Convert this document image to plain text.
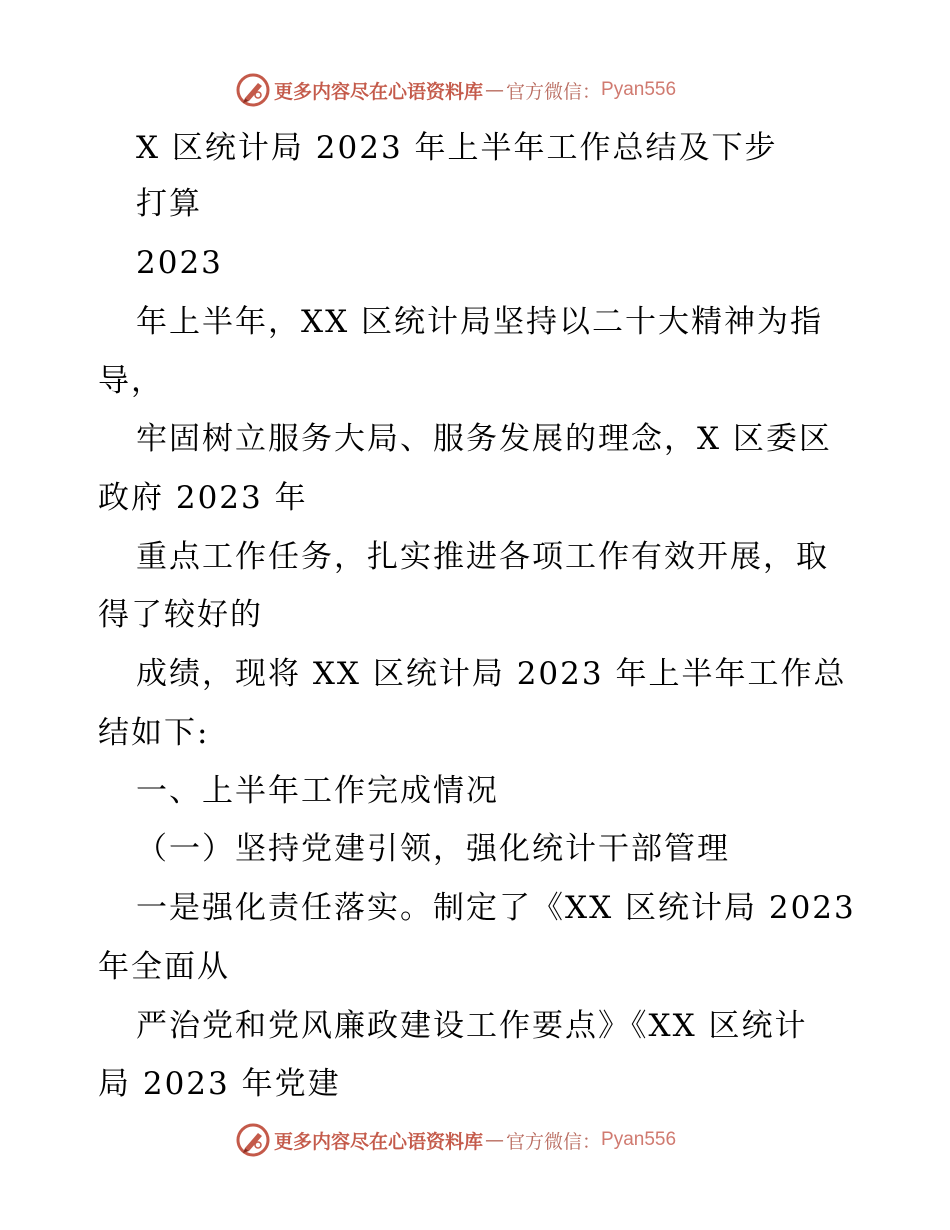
更多内容尽在心语资料库 — 官方微信： Pyan556
X 区统计局 2023 年上半年工作总结及下步
打算
2023
年上半年，XX 区统计局坚持以二十大精神为指
导，
牢固树立服务大局、服务发展的理念，X 区委区
政府 2023 年
重点工作任务，扎实推进各项工作有效开展，取
得了较好的
成绩，现将 XX 区统计局 2023 年上半年工作总
结如下:
一、上半年工作完成情况
（一）坚持党建引领，强化统计干部管理
一是强化责任落实。制定了《XX 区统计局 2023
年全面从
严治党和党风廉政建设工作要点》《XX 区统计
局 2023 年党建
更多内容尽在心语资料库 — 官方微信： Pyan556
